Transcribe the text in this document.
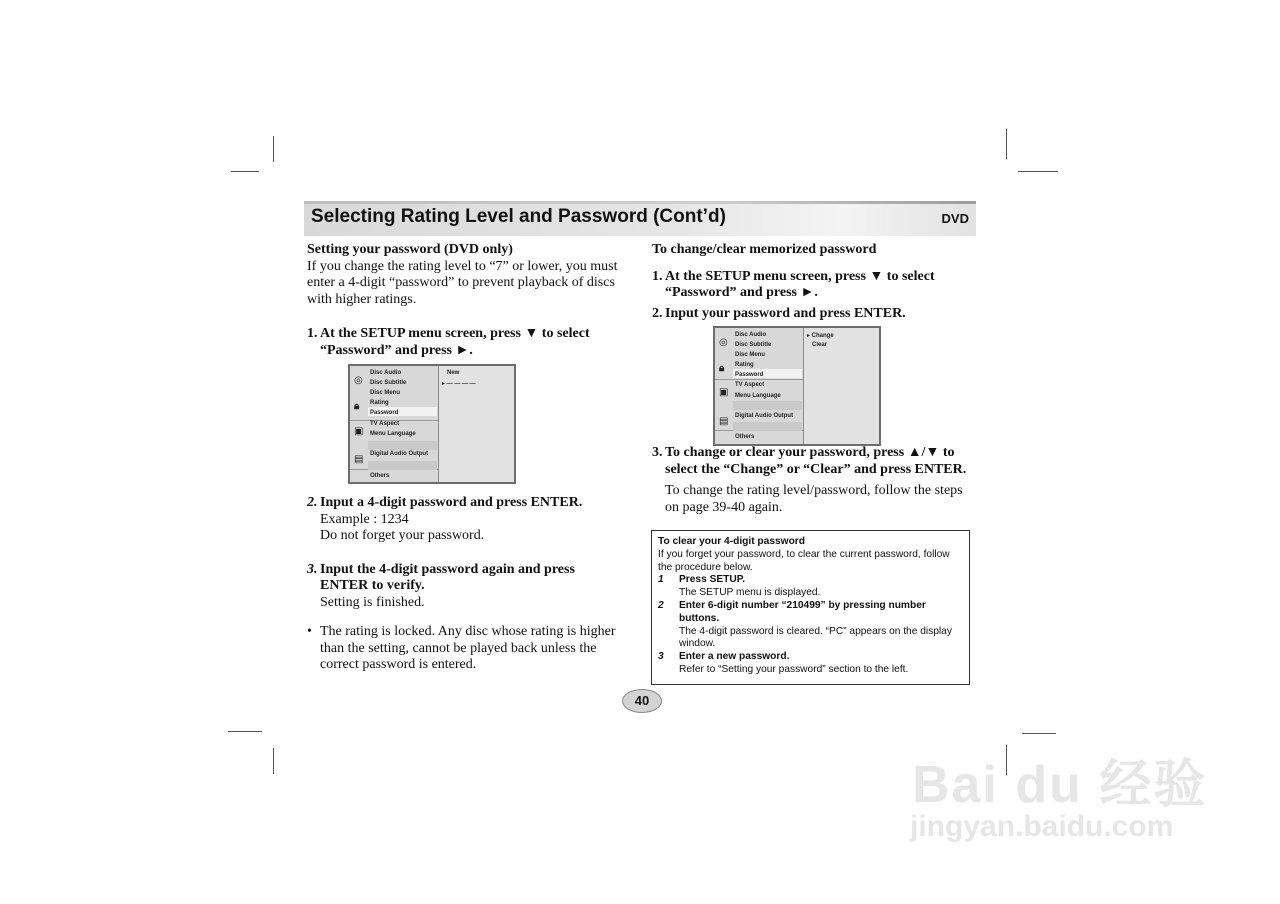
Selecting Rating Level and Password (Cont’d)	DVD
Setting your password (DVD only)
If you change the rating level to “7” or lower, you must enter a 4-digit “password” to prevent playback of discs with higher ratings.
1. At the SETUP menu screen, press ▼ to select
“Password” and press ►.
Disc Audio
Disc Subtitle
Disc Menu
Rating
Password
TV Aspect
Menu Language
Digital Audio Output
Others
◎
🔒︎
▣
▤
New
▸ — — — —
2. Input a 4-digit password and press ENTER.
Example : 1234
Do not forget your password.
3. Input the 4-digit password again and press ENTER to verify.
Setting is finished.
• The rating is locked. Any disc whose rating is higher than the setting, cannot be played back unless the correct password is entered.
To change/clear memorized password
1. At the SETUP menu screen, press ▼ to select
“Password” and press ►.
2. Input your password and press ENTER.
Disc Audio
Disc Subtitle
Disc Menu
Rating
Password
TV Aspect
Menu Language
Digital Audio Output
Others
◎
🔒︎
▣
▤
▸ Change
Clear
3. To change or clear your password, press ▲/▼ to
select the “Change” or “Clear” and press ENTER.
To change the rating level/password, follow the steps on page 39-40 again.
To clear your 4-digit password
If you forget your password, to clear the current password, follow the procedure below.
1 Press SETUP.
The SETUP menu is displayed.
2 Enter 6-digit number “210499” by pressing number buttons.
The 4-digit password is cleared. “PC” appears on the display window.
3 Enter a new password.
Refer to “Setting your password” section to the left.
40
Bai du 经验
jingyan.baidu.com
